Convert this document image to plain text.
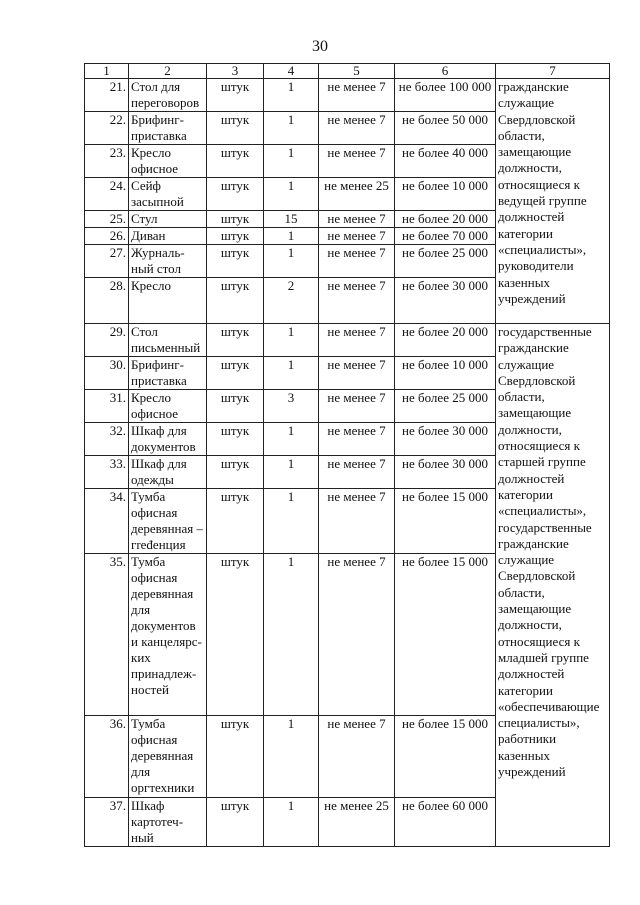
30
1	2	3	4	5	6	7
21.	Стол для переговоров	штук	1	не менее 7	не более 100 000	гражданские служащие Свердловской области, замещающие должности, относящиеся к ведущей группе должностей категории «специалисты», руководители казенных учреждений
22.	Брифинг-приставка	штук	1	не менее 7	не более 50 000	
23.	Кресло офисное	штук	1	не менее 7	не более 40 000	
24.	Сейф засыпной	штук	1	не менее 25	не более 10 000	
25.	Стул	штук	15	не менее 7	не более 20 000	
26.	Диван	штук	1	не менее 7	не более 70 000	
27.	Журналь-ный стол	штук	1	не менее 7	не более 25 000	
28.	Кресло	штук	2	не менее 7	не более 30 000	
29.	Стол письменный	штук	1	не менее 7	не более 20 000	государственные гражданские служащие Свердловской области, замещающие должности, относящиеся к старшей группе должностей категории «специалисты», государственные гражданские служащие Свердловской области, замещающие должности, относящиеся к младшей группе должностей категории «обеспечивающие специалисты», работники казенных учреждений
30.	Брифинг-приставка	штук	1	не менее 7	не более 10 000	
31.	Кресло офисное	штук	3	не менее 7	не более 25 000	
32.	Шкаф для документов	штук	1	не менее 7	не более 30 000	
33.	Шкаф для одежды	штук	1	не менее 7	не более 30 000	
34.	Тумба офисная деревянная – гređенция	штук	1	не менее 7	не более 15 000	
35.	Тумба офисная деревянная для документов и канцелярс-ких принадлеж-ностей	штук	1	не менее 7	не более 15 000	
36.	Тумба офисная деревянная для оргтехники	штук	1	не менее 7	не более 15 000	
37.	Шкаф картотеч-ный	штук	1	не менее 25	не более 60 000	
